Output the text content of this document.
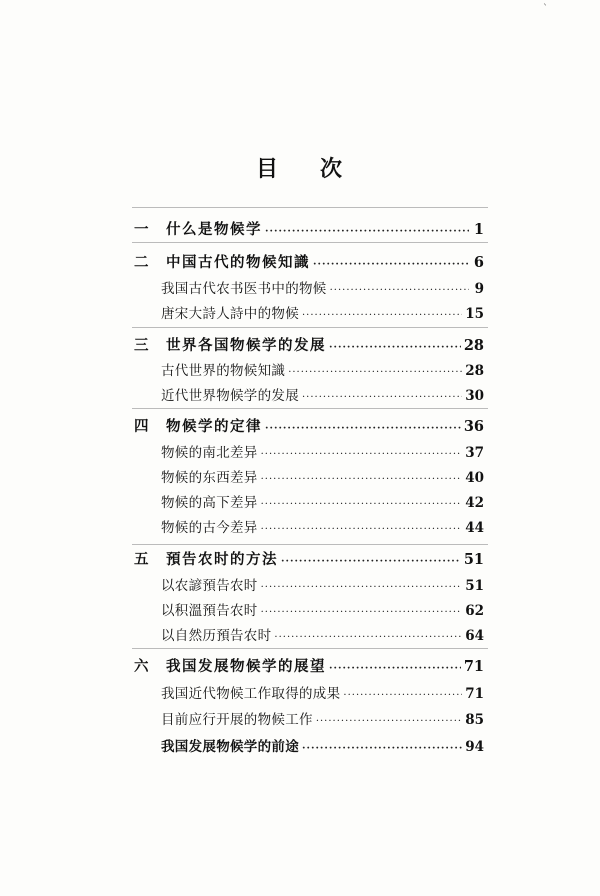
`
目 次
一	什么是物候学 ·····	1
二	中国古代的物候知識 ·····	6
我国古代农书医书中的物候 ·····	9
唐宋大詩人詩中的物候 ·····	15
三	世界各国物候学的发展 ·····	28
古代世界的物候知識 ·····	28
近代世界物候学的发展 ·····	30
四	物候学的定律 ·····	36
物候的南北差异 ·····	37
物候的东西差异 ·····	40
物候的高下差异 ·····	42
物候的古今差异 ·····	44
五	預告农时的方法 ·····	51
以农諺預告农时 ·····	51
以积溫預告农时 ·····	62
以自然历預告农时 ·····	64
六	我国发展物候学的展望 ·····	71
我国近代物候工作取得的成果 ·····	71
目前应行开展的物候工作 ·····	85
我国发展物候学的前途 ·····	94
